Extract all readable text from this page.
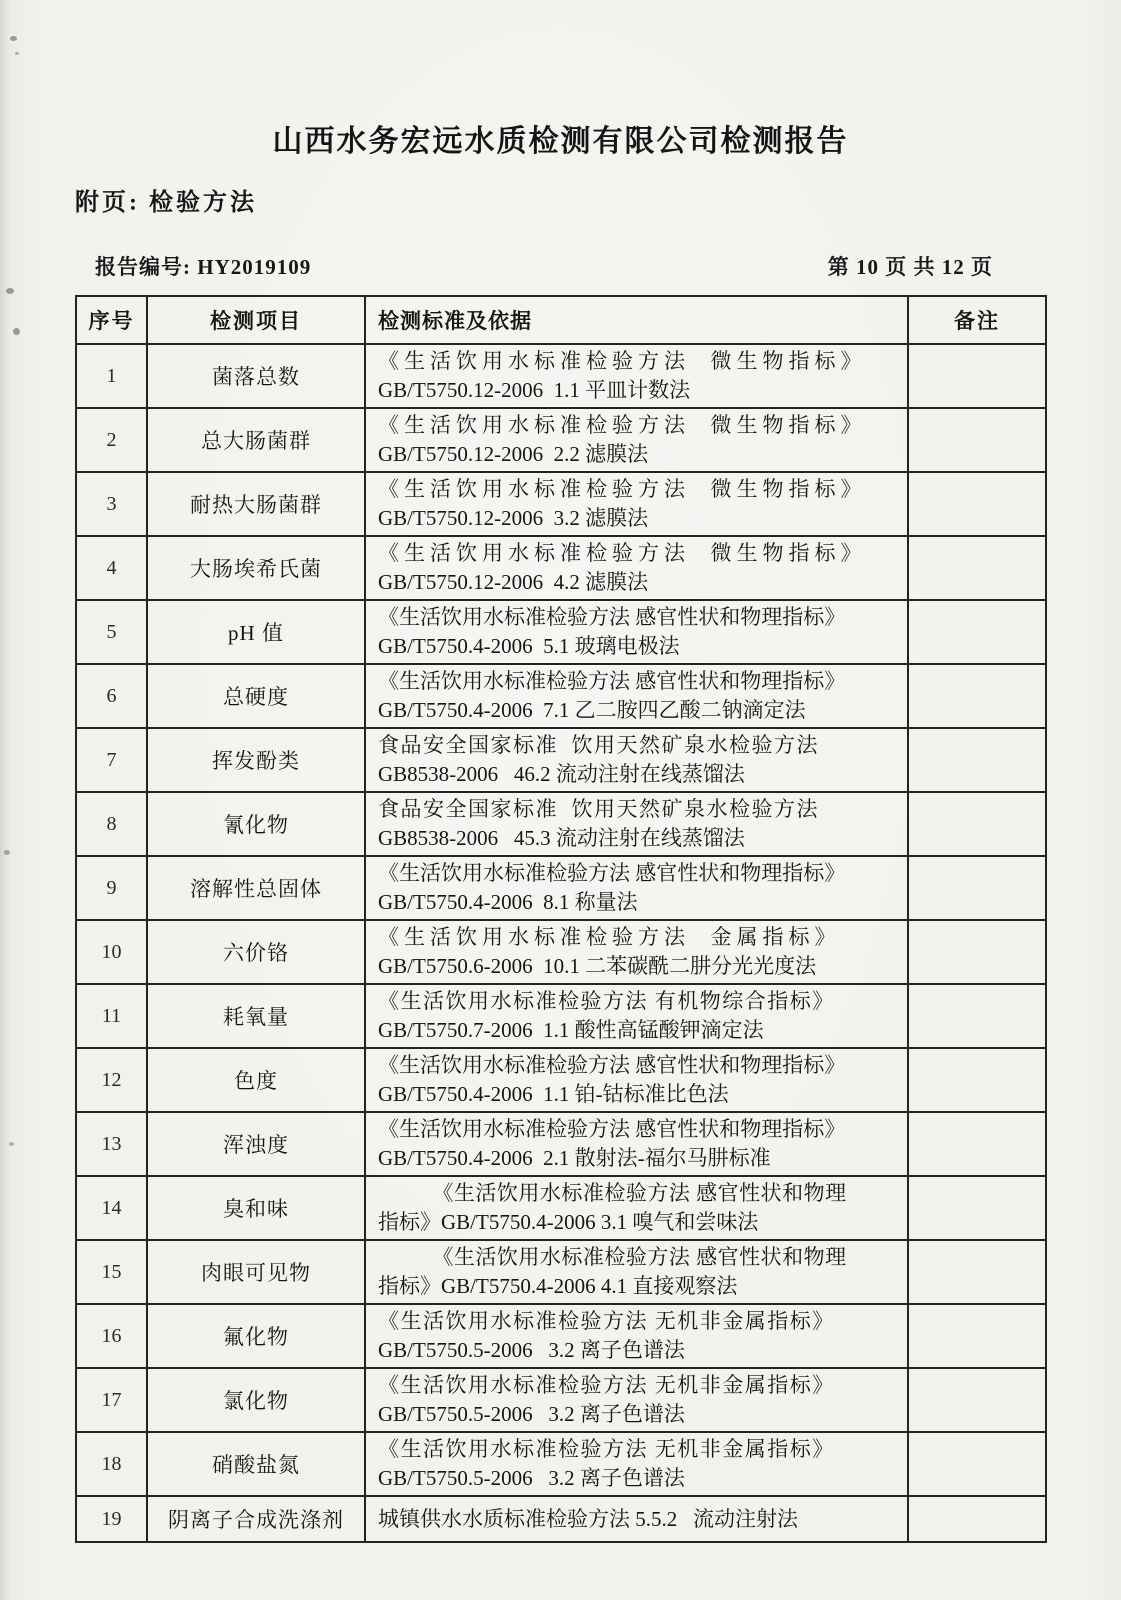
山西水务宏远水质检测有限公司检测报告
附页: 检验方法
报告编号: HY2019109	第 10 页 共 12 页
序号	检测项目	检测标准及依据	备注
1	菌落总数	《生活饮用水标准检验方法  微生物指标》
GB/T5750.12-2006  1.1 平皿计数法	

2	总大肠菌群	《生活饮用水标准检验方法  微生物指标》
GB/T5750.12-2006  2.2 滤膜法	

3	耐热大肠菌群	《生活饮用水标准检验方法  微生物指标》
GB/T5750.12-2006  3.2 滤膜法	

4	大肠埃希氏菌	《生活饮用水标准检验方法  微生物指标》
GB/T5750.12-2006  4.2 滤膜法	

5	pH 值	《生活饮用水标准检验方法 感官性状和物理指标》
GB/T5750.4-2006  5.1 玻璃电极法	

6	总硬度	《生活饮用水标准检验方法 感官性状和物理指标》
GB/T5750.4-2006  7.1 乙二胺四乙酸二钠滴定法	

7	挥发酚类	食品安全国家标准  饮用天然矿泉水检验方法
GB8538-2006   46.2 流动注射在线蒸馏法	

8	氰化物	食品安全国家标准  饮用天然矿泉水检验方法
GB8538-2006   45.3 流动注射在线蒸馏法	

9	溶解性总固体	《生活饮用水标准检验方法 感官性状和物理指标》
GB/T5750.4-2006  8.1 称量法	

10	六价铬	《生活饮用水标准检验方法  金属指标》
GB/T5750.6-2006  10.1 二苯碳酰二肼分光光度法	

11	耗氧量	《生活饮用水标准检验方法 有机物综合指标》
GB/T5750.7-2006  1.1 酸性高锰酸钾滴定法	

12	色度	《生活饮用水标准检验方法 感官性状和物理指标》
GB/T5750.4-2006  1.1 铂-钴标准比色法	

13	浑浊度	《生活饮用水标准检验方法 感官性状和物理指标》
GB/T5750.4-2006  2.1 散射法-福尔马肼标准	

14	臭和味	《生活饮用水标准检验方法 感官性状和物理
指标》GB/T5750.4-2006 3.1 嗅气和尝味法	

15	肉眼可见物	《生活饮用水标准检验方法 感官性状和物理
指标》GB/T5750.4-2006 4.1 直接观察法	

16	氟化物	《生活饮用水标准检验方法 无机非金属指标》
GB/T5750.5-2006   3.2 离子色谱法	

17	氯化物	《生活饮用水标准检验方法 无机非金属指标》
GB/T5750.5-2006   3.2 离子色谱法	

18	硝酸盐氮	《生活饮用水标准检验方法 无机非金属指标》
GB/T5750.5-2006   3.2 离子色谱法	

19	阴离子合成洗涤剂	城镇供水水质标准检验方法 5.5.2   流动注射法	
